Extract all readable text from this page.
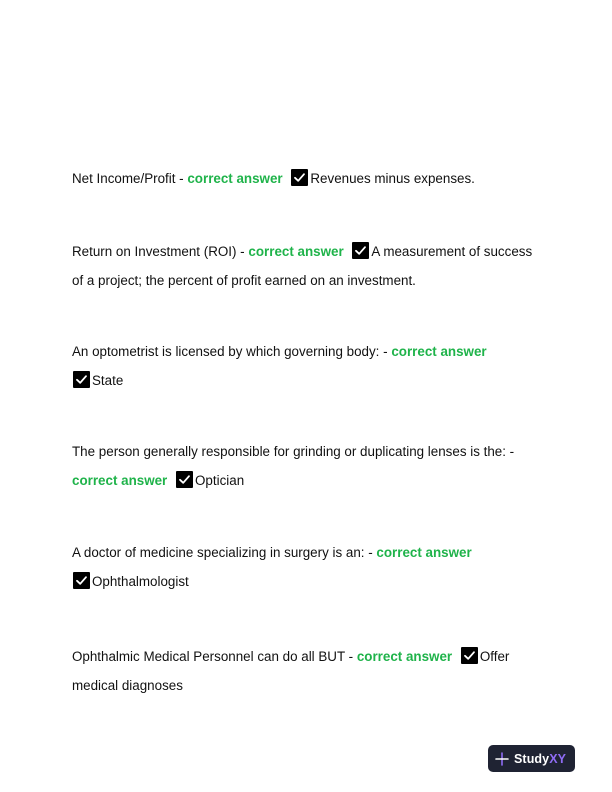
Net Income/Profit - correct answer Revenues minus expenses.

Return on Investment (ROI) - correct answer A measurement of success of a project; the percent of profit earned on an investment.

An optometrist is licensed by which governing body: - correct answer

State

The person generally responsible for grinding or duplicating lenses is the: -
correct answer Optician

A doctor of medicine specializing in surgery is an: - correct answer

Ophthalmologist

Ophthalmic Medical Personnel can do all BUT - correct answer Offer medical diagnoses

StudyXY
